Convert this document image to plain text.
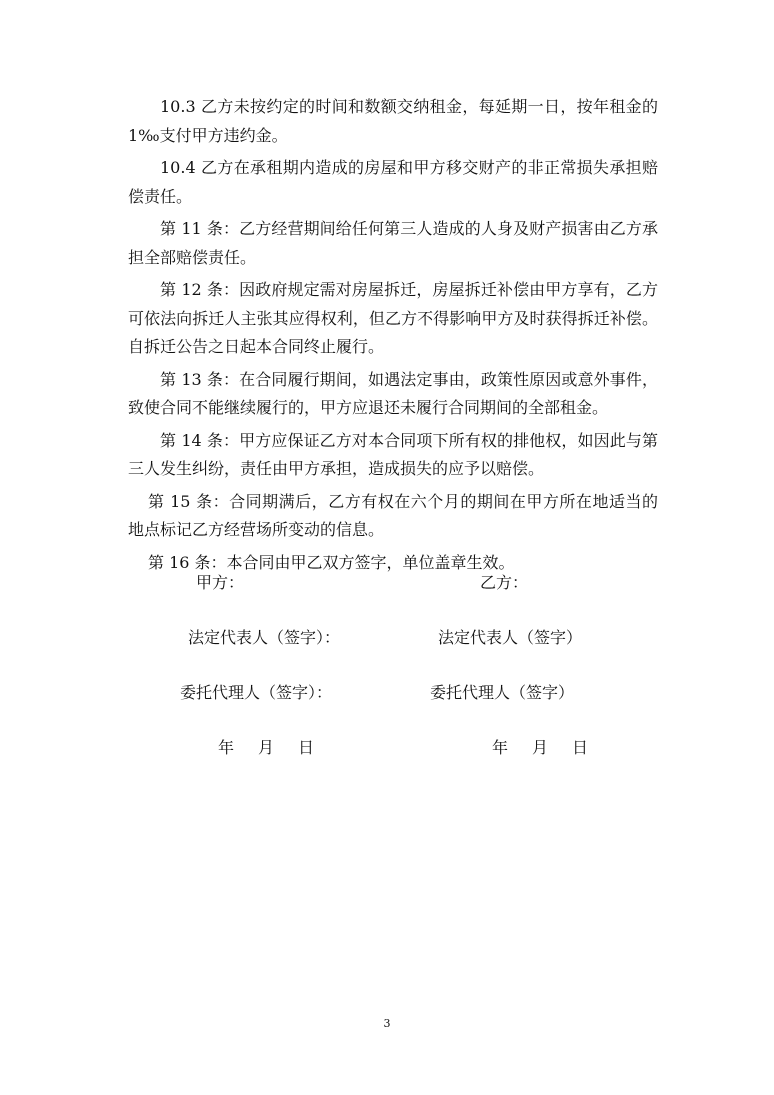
10.3 乙方未按约定的时间和数额交纳租金，每延期一日，按年租金的 1‰支付甲方违约金。

10.4 乙方在承租期内造成的房屋和甲方移交财产的非正常损失承担赔偿责任。

第 11 条：乙方经营期间给任何第三人造成的人身及财产损害由乙方承担全部赔偿责任。

第 12 条：因政府规定需对房屋拆迁，房屋拆迁补偿由甲方享有，乙方可依法向拆迁人主张其应得权利，但乙方不得影响甲方及时获得拆迁补偿。自拆迁公告之日起本合同终止履行。

第 13 条：在合同履行期间，如遇法定事由，政策性原因或意外事件，致使合同不能继续履行的，甲方应退还未履行合同期间的全部租金。

第 14 条：甲方应保证乙方对本合同项下所有权的排他权，如因此与第三人发生纠纷，责任由甲方承担，造成损失的应予以赔偿。

第 15 条：合同期满后，乙方有权在六个月的期间在甲方所在地适当的地点标记乙方经营场所变动的信息。

第 16 条：本合同由甲乙双方签字，单位盖章生效。

甲方：	乙方：
法定代表人（签字）：	法定代表人（签字）
委托代理人（签字）：	委托代理人（签字）
年 月 日	年 月 日
3
